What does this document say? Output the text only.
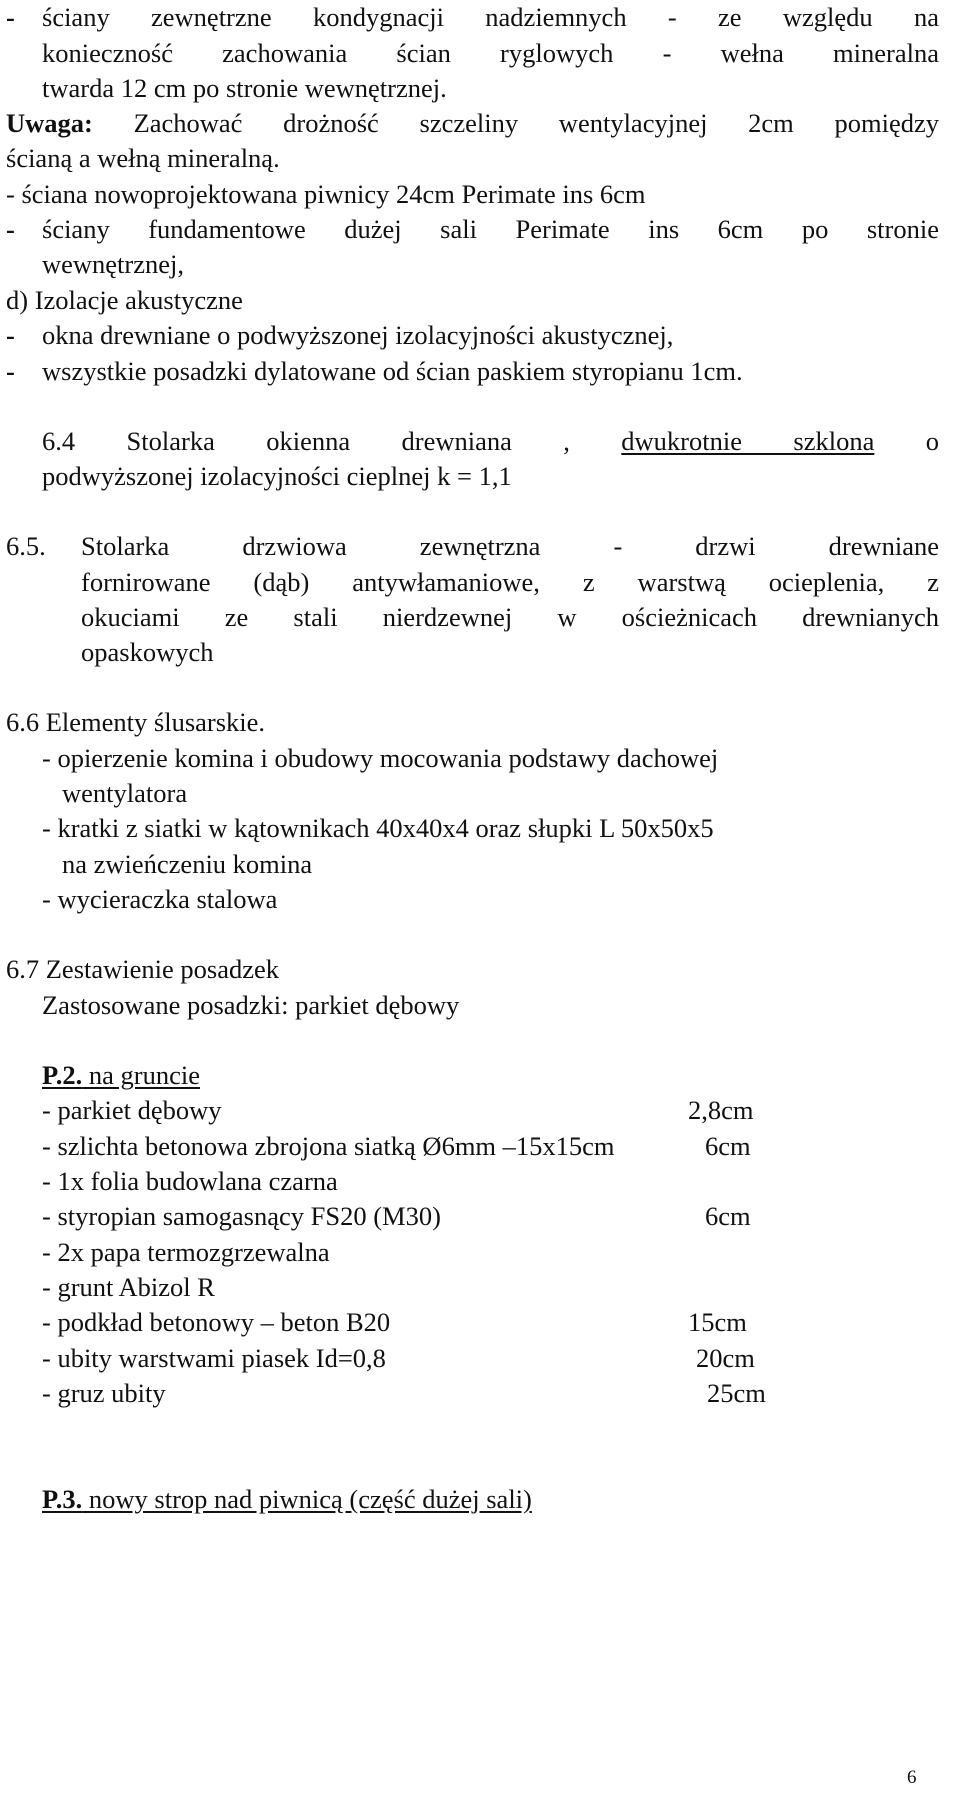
- ściany zewnętrzne kondygnacji nadziemnych - ze względu na
konieczność zachowania ścian ryglowych - wełna mineralna
twarda 12 cm po stronie wewnętrznej.
Uwaga: Zachować drożność szczeliny wentylacyjnej 2cm pomiędzy
ścianą a wełną mineralną.
- ściana nowoprojektowana piwnicy 24cm Perimate ins 6cm
- ściany fundamentowe dużej sali Perimate ins 6cm po stronie
wewnętrznej,
d) Izolacje akustyczne
- okna drewniane o podwyższonej izolacyjności akustycznej,
- wszystkie posadzki dylatowane od ścian paskiem styropianu 1cm.
6.4 Stolarka okienna drewniana , dwukrotnie szklona o
podwyższonej izolacyjności cieplnej k = 1,1
6.5. Stolarka drzwiowa zewnętrzna - drzwi drewniane
fornirowane (dąb) antywłamaniowe, z warstwą ocieplenia, z
okuciami ze stali nierdzewnej w ościeżnicach drewnianych
opaskowych
6.6 Elementy ślusarskie.
- opierzenie komina i obudowy mocowania podstawy dachowej
wentylatora
- kratki z siatki w kątownikach 40x40x4 oraz słupki L 50x50x5
na zwieńczeniu komina
- wycieraczka stalowa
6.7 Zestawienie posadzek
Zastosowane posadzki: parkiet dębowy
P.2. na gruncie
- parkiet dębowy	2,8cm
- szlichta betonowa zbrojona siatką Ø6mm –15x15cm	6cm
- 1x folia budowlana czarna
- styropian samogasnący FS20 (M30)	6cm
- 2x papa termozgrzewalna
- grunt Abizol R
- podkład betonowy – beton B20	15cm
- ubity warstwami piasek Id=0,8	20cm
- gruz ubity	25cm
P.3. nowy strop nad piwnicą (część dużej sali)
6
